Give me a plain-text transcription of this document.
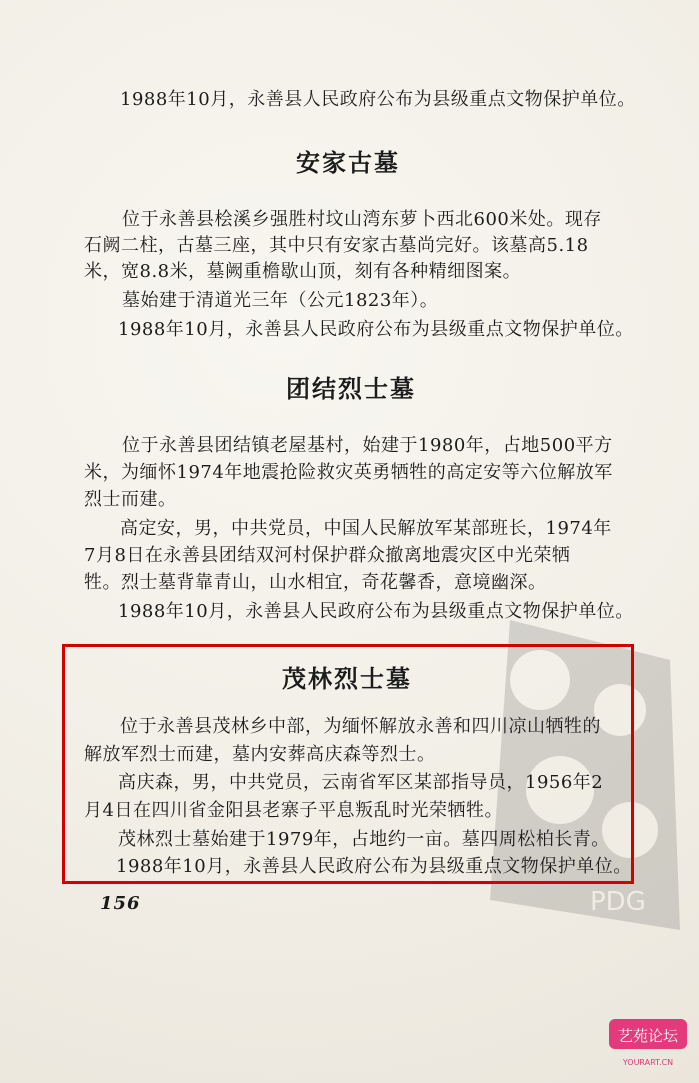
1988年10月，永善县人民政府公布为县级重点文物保护单位。
安家古墓
位于永善县桧溪乡强胜村坟山湾东萝卜西北600米处。现存
石阙二柱，古墓三座，其中只有安家古墓尚完好。该墓高5.18
米，宽8.8米，墓阙重檐歇山顶，刻有各种精细图案。
墓始建于清道光三年（公元1823年）。
1988年10月，永善县人民政府公布为县级重点文物保护单位。
团结烈士墓
位于永善县团结镇老屋基村，始建于1980年，占地500平方
米，为缅怀1974年地震抢险救灾英勇牺牲的高定安等六位解放军
烈士而建。
高定安，男，中共党员，中国人民解放军某部班长，1974年
7月8日在永善县团结双河村保护群众撤离地震灾区中光荣牺
牲。烈士墓背靠青山，山水相宜，奇花馨香，意境幽深。
1988年10月，永善县人民政府公布为县级重点文物保护单位。
PDG
茂林烈士墓
位于永善县茂林乡中部，为缅怀解放永善和四川凉山牺牲的
解放军烈士而建，墓内安葬高庆森等烈士。
高庆森，男，中共党员，云南省军区某部指导员，1956年2
月4日在四川省金阳县老寨子平息叛乱时光荣牺牲。
茂林烈士墓始建于1979年，占地约一亩。墓四周松柏长青。
1988年10月，永善县人民政府公布为县级重点文物保护单位。
156
艺苑论坛
YOURART.CN
